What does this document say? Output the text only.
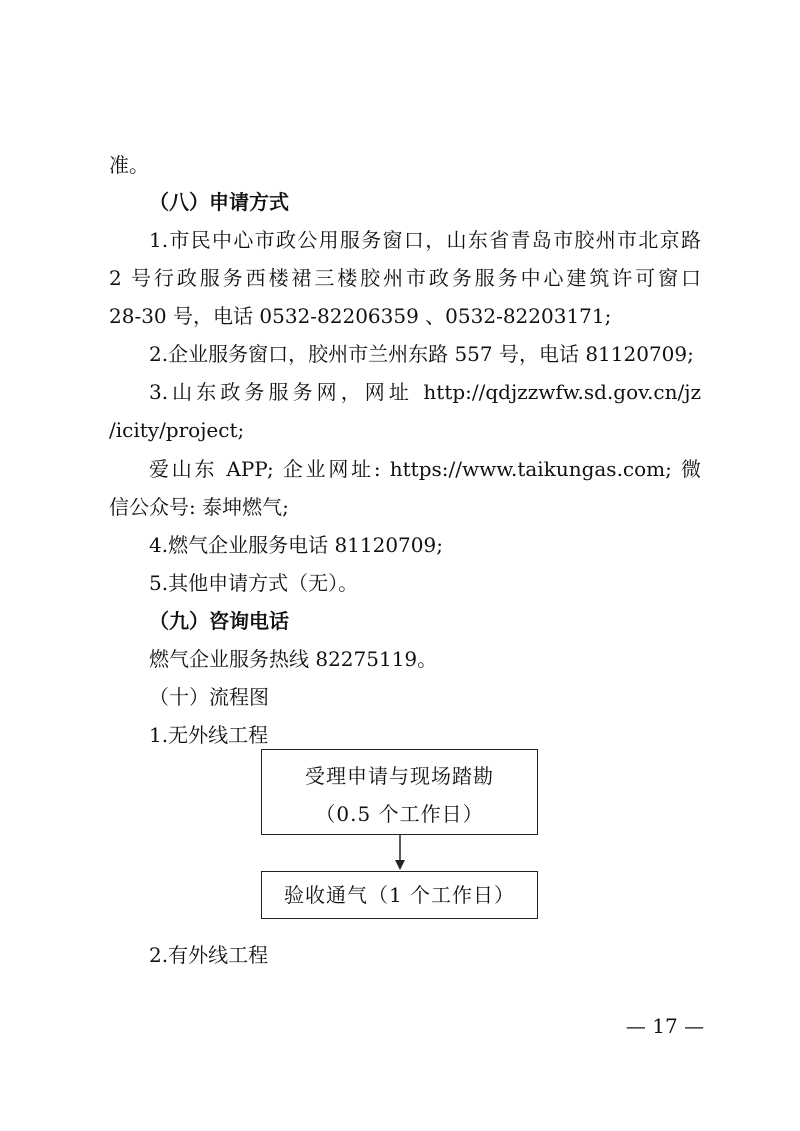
准。
（八）申请方式
1.市民中心市政公用服务窗口，山东省青岛市胶州市北京路
2 号行政服务西楼裙三楼胶州市政务服务中心建筑许可窗口
28-30 号，电话 0532-82206359 、0532-82203171;
2.企业服务窗口，胶州市兰州东路 557 号，电话 81120709;
3.山东政务服务网，网址 http://qdjzzwfw.sd.gov.cn/jz
/icity/project;
爱山东 APP; 企业网址: https://www.taikungas.com; 微
信公众号: 泰坤燃气;
4.燃气企业服务电话 81120709;
5.其他申请方式（无）。
（九）咨询电话
燃气企业服务热线 82275119。
（十）流程图
1.无外线工程
受理申请与现场踏勘
（0.5 个工作日）
验收通气（1 个工作日）
2.有外线工程
— 17 —
